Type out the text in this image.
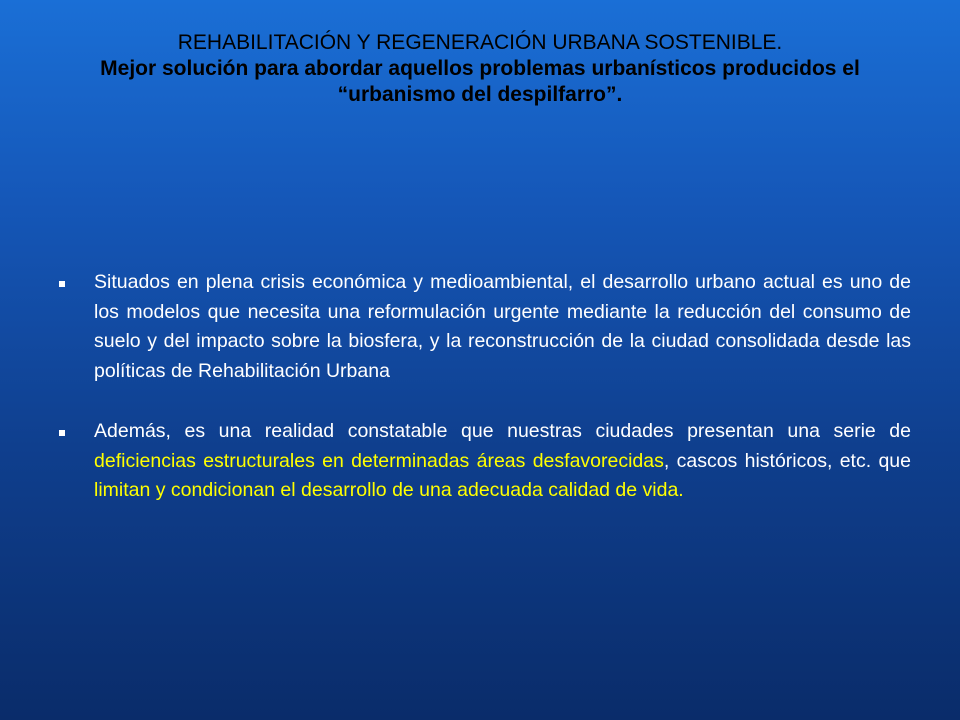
REHABILITACIÓN Y REGENERACIÓN URBANA SOSTENIBLE.
Mejor solución para abordar aquellos problemas urbanísticos producidos el “urbanismo del despilfarro”.
Situados en plena crisis económica y medioambiental, el desarrollo urbano actual es uno de los modelos que necesita una reformulación urgente mediante la reducción del consumo de suelo y del impacto sobre la biosfera, y la reconstrucción de la ciudad consolidada desde las políticas de Rehabilitación Urbana
Además, es una realidad constatable que nuestras ciudades presentan una serie de deficiencias estructurales en determinadas áreas desfavorecidas, cascos históricos, etc. que limitan y condicionan el desarrollo de una adecuada calidad de vida.
